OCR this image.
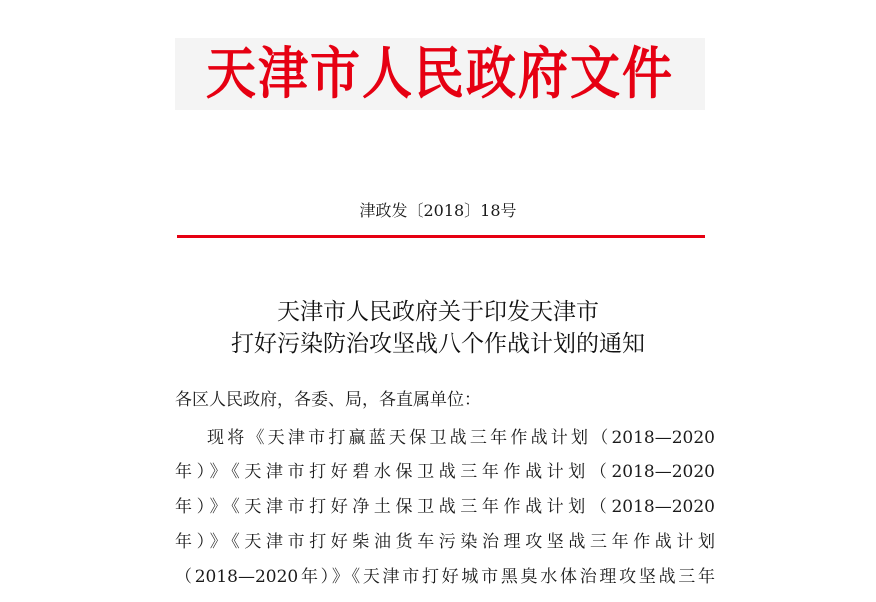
天津市人民政府文件
津政发〔2018〕18号
天津市人民政府关于印发天津市
打好污染防治攻坚战八个作战计划的通知
各区人民政府，各委、局，各直属单位：
现将《天津市打赢蓝天保卫战三年作战计划（2018—2020
年）》《天津市打好碧水保卫战三年作战计划（2018—2020
年）》《天津市打好净土保卫战三年作战计划（2018—2020
年）》《天津市打好柴油货车污染治理攻坚战三年作战计划
（2018—2020年）》《天津市打好城市黑臭水体治理攻坚战三年
